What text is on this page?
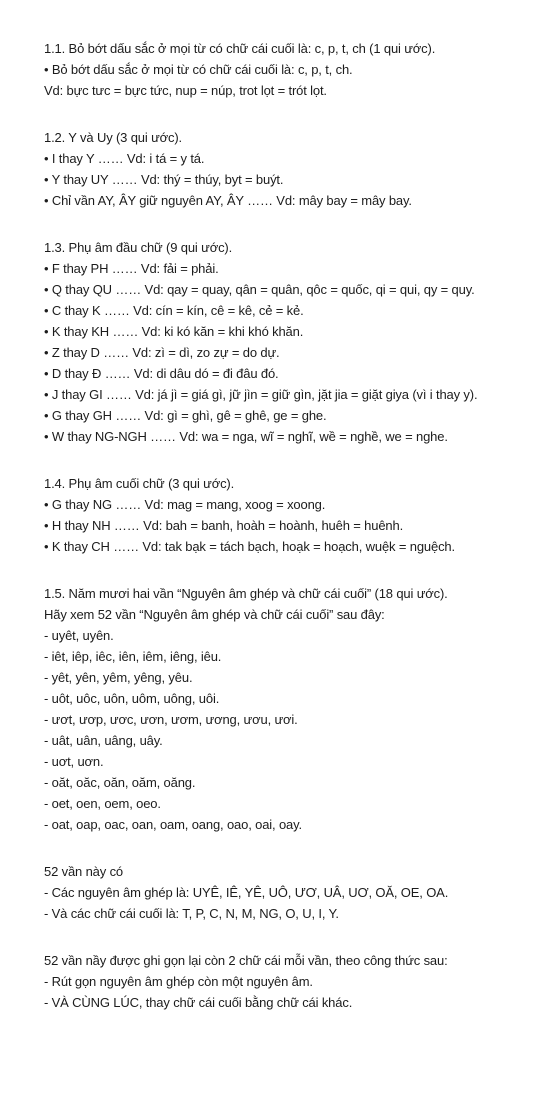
1.1. Bỏ bớt dấu sắc ở mọi từ có chữ cái cuối là: c, p, t, ch (1 qui ước).
• Bỏ bớt dấu sắc ở mọi từ có chữ cái cuối là: c, p, t, ch.
Vd: bực tưc = bực tức, nup = núp, trot lọt = trót lọt.
1.2. Y và Uy (3 qui ước).
• I thay Y …… Vd: i tá = y tá.
• Y thay UY …… Vd: thý = thúy, byt = buýt.
• Chỉ vần AY, ÂY giữ nguyên AY, ÂY …… Vd: mây bay = mây bay.
1.3. Phụ âm đầu chữ (9 qui ước).
• F thay PH …… Vd: fải = phải.
• Q thay QU …… Vd: qay = quay, qân = quân, qôc = quốc, qi = qui, qy = quy.
• C thay K …… Vd: cín = kín, cê = kê, cẻ = kẻ.
• K thay KH …… Vd: ki kó kăn = khi khó khăn.
• Z thay D …… Vd: zì = dì, zo zự = do dự.
• D thay Đ …… Vd: di dâu dó = đi đâu đó.
• J thay GI …… Vd: já jì = giá gì, jữ jìn = giữ gìn, jặt jia = giặt giya (vì i thay y).
• G thay GH …… Vd: gì = ghì, gê = ghê, ge = ghe.
• W thay NG-NGH …… Vd: wa = nga, wĩ = nghĩ, wề = nghề, we = nghe.
1.4. Phụ âm cuối chữ (3 qui ước).
• G thay NG …… Vd: mag = mang, xoog = xoong.
• H thay NH …… Vd: bah = banh, hoàh = hoành, huêh = huênh.
• K thay CH …… Vd: tak bạk = tách bạch, hoạk = hoạch, wuệk = nguệch.
1.5. Năm mươi hai vần “Nguyên âm ghép và chữ cái cuối” (18 qui ước).
Hãy xem 52 vần “Nguyên âm ghép và chữ cái cuối” sau đây:
- uyêt, uyên.
- iêt, iêp, iêc, iên, iêm, iêng, iêu.
- yêt, yên, yêm, yêng, yêu.
- uôt, uôc, uôn, uôm, uông, uôi.
- ươt, ươp, ươc, ươn, ươm, ương, ươu, ươi.
- uât, uân, uâng, uây.
- uơt, uơn.
- oăt, oăc, oăn, oăm, oăng.
- oet, oen, oem, oeo.
- oat, oap, oac, oan, oam, oang, oao, oai, oay.
52 vần này có
- Các nguyên âm ghép là: UYÊ, IÊ, YÊ, UÔ, ƯƠ, UÂ, UƠ, OĂ, OE, OA.
- Và các chữ cái cuối là: T, P, C, N, M, NG, O, U, I, Y.
52 vần nầy được ghi gọn lại còn 2 chữ cái mỗi vần, theo công thức sau:
- Rút gọn nguyên âm ghép còn một nguyên âm.
- VÀ CÙNG LÚC, thay chữ cái cuối bằng chữ cái khác.
